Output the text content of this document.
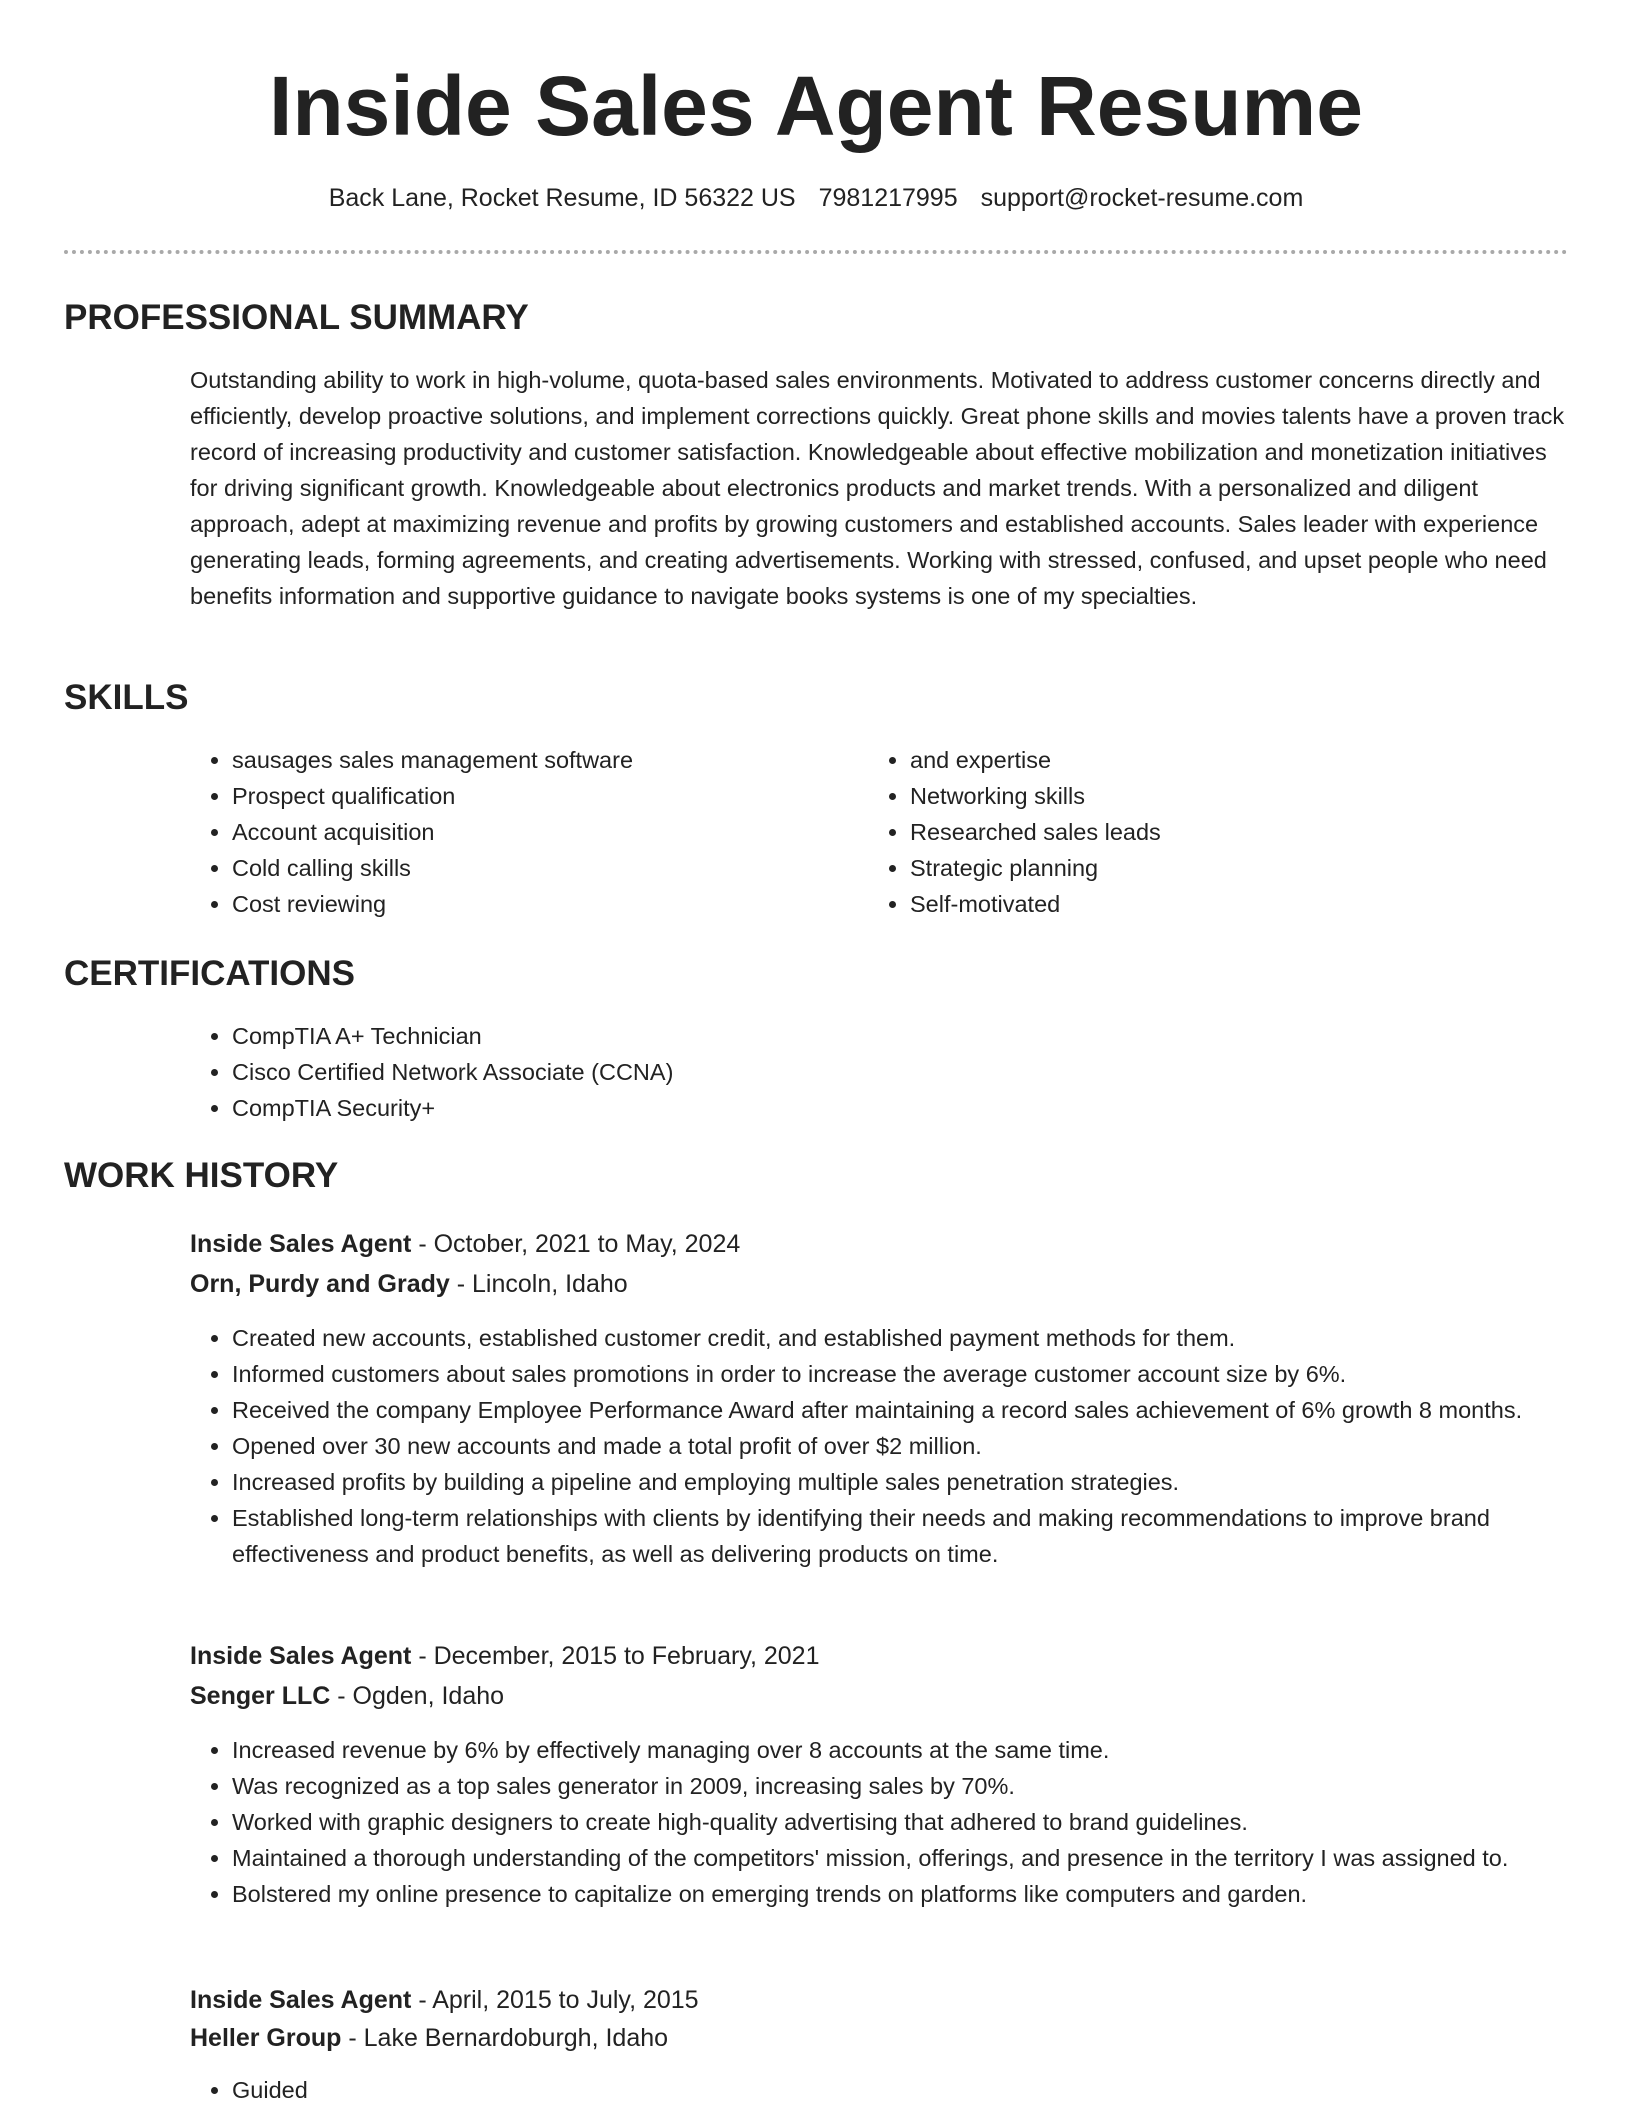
Inside Sales Agent Resume
Back Lane, Rocket Resume, ID 56322 US 7981217995 support@rocket-resume.com
PROFESSIONAL SUMMARY

Outstanding ability to work in high-volume, quota-based sales environments. Motivated to address customer concerns directly and efficiently, develop proactive solutions, and implement corrections quickly. Great phone skills and movies talents have a proven track record of increasing productivity and customer satisfaction. Knowledgeable about effective mobilization and monetization initiatives for driving significant growth. Knowledgeable about electronics products and market trends. With a personalized and diligent approach, adept at maximizing revenue and profits by growing customers and established accounts. Sales leader with experience generating leads, forming agreements, and creating advertisements. Working with stressed, confused, and upset people who need benefits information and supportive guidance to navigate books systems is one of my specialties.

SKILLS
• sausages sales management software
• Prospect qualification
• Account acquisition
• Cold calling skills
• Cost reviewing
• and expertise
• Networking skills
• Researched sales leads
• Strategic planning
• Self-motivated
CERTIFICATIONS
• CompTIA A+ Technician
• Cisco Certified Network Associate (CCNA)
• CompTIA Security+
WORK HISTORY
Inside Sales Agent - October, 2021 to May, 2024
Orn, Purdy and Grady - Lincoln, Idaho
• Created new accounts, established customer credit, and established payment methods for them.
• Informed customers about sales promotions in order to increase the average customer account size by 6%.
• Received the company Employee Performance Award after maintaining a record sales achievement of 6% growth 8 months.
• Opened over 30 new accounts and made a total profit of over $2 million.
• Increased profits by building a pipeline and employing multiple sales penetration strategies.
• Established long-term relationships with clients by identifying their needs and making recommendations to improve brand effectiveness and product benefits, as well as delivering products on time.
Inside Sales Agent - December, 2015 to February, 2021
Senger LLC - Ogden, Idaho
• Increased revenue by 6% by effectively managing over 8 accounts at the same time.
• Was recognized as a top sales generator in 2009, increasing sales by 70%.
• Worked with graphic designers to create high-quality advertising that adhered to brand guidelines.
• Maintained a thorough understanding of the competitors' mission, offerings, and presence in the territory I was assigned to.
• Bolstered my online presence to capitalize on emerging trends on platforms like computers and garden.
Inside Sales Agent - April, 2015 to July, 2015
Heller Group - Lake Bernardoburgh, Idaho
• Guided
